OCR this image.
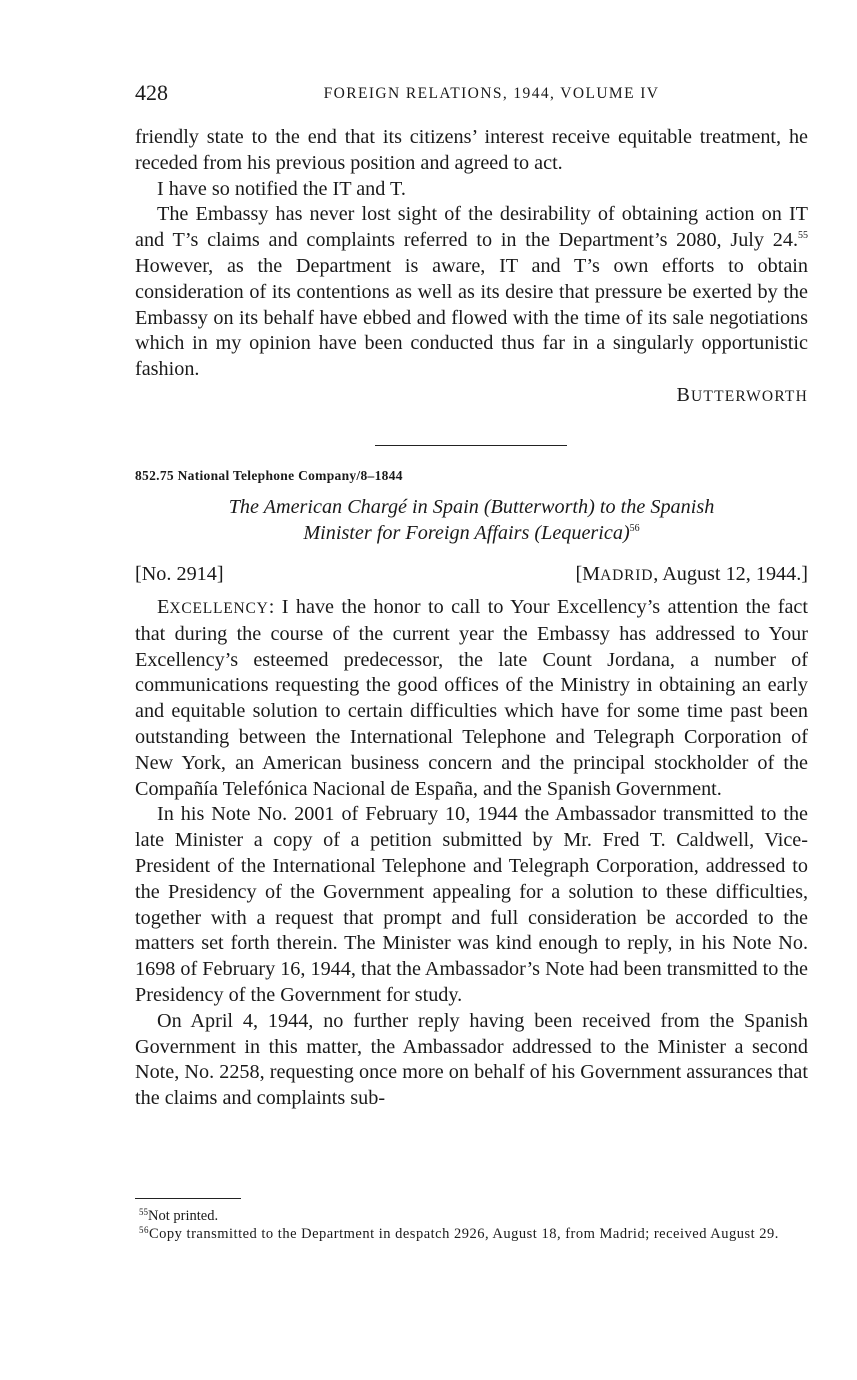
428	FOREIGN RELATIONS, 1944, VOLUME IV

friendly state to the end that its citizens’ interest receive equitable treatment, he receded from his previous position and agreed to act.

I have so notified the IT and T.

The Embassy has never lost sight of the desirability of obtaining action on IT and T’s claims and complaints referred to in the Department’s 2080, July 24.55 However, as the Department is aware, IT and T’s own efforts to obtain consideration of its contentions as well as its desire that pressure be exerted by the Embassy on its behalf have ebbed and flowed with the time of its sale negotiations which in my opinion have been conducted thus far in a singularly opportunistic fashion.

BUTTERWORTH

852.75 National Telephone Company/8–1844
The American Chargé in Spain (Butterworth) to the Spanish
Minister for Foreign Affairs (Lequerica)$^{56}$
[No. 2914]	[MADRID, August 12, 1944.]

EXCELLENCY: I have the honor to call to Your Excellency’s attention the fact that during the course of the current year the Embassy has addressed to Your Excellency’s esteemed predecessor, the late Count Jordana, a number of communications requesting the good offices of the Ministry in obtaining an early and equitable solution to certain difficulties which have for some time past been outstanding between the International Telephone and Telegraph Corporation of New York, an American business concern and the principal stockholder of the Compañía Telefónica Nacional de España, and the Spanish Government.

In his Note No. 2001 of February 10, 1944 the Ambassador transmitted to the late Minister a copy of a petition submitted by Mr. Fred T. Caldwell, Vice-President of the International Telephone and Telegraph Corporation, addressed to the Presidency of the Government appealing for a solution to these difficulties, together with a request that prompt and full consideration be accorded to the matters set forth therein. The Minister was kind enough to reply, in his Note No. 1698 of February 16, 1944, that the Ambassador’s Note had been transmitted to the Presidency of the Government for study.

On April 4, 1944, no further reply having been received from the Spanish Government in this matter, the Ambassador addressed to the Minister a second Note, No. 2258, requesting once more on behalf of his Government assurances that the claims and complaints sub-

$^{55}$Not printed.

$^{56}$Copy transmitted to the Department in despatch 2926, August 18, from Madrid; received August 29.
